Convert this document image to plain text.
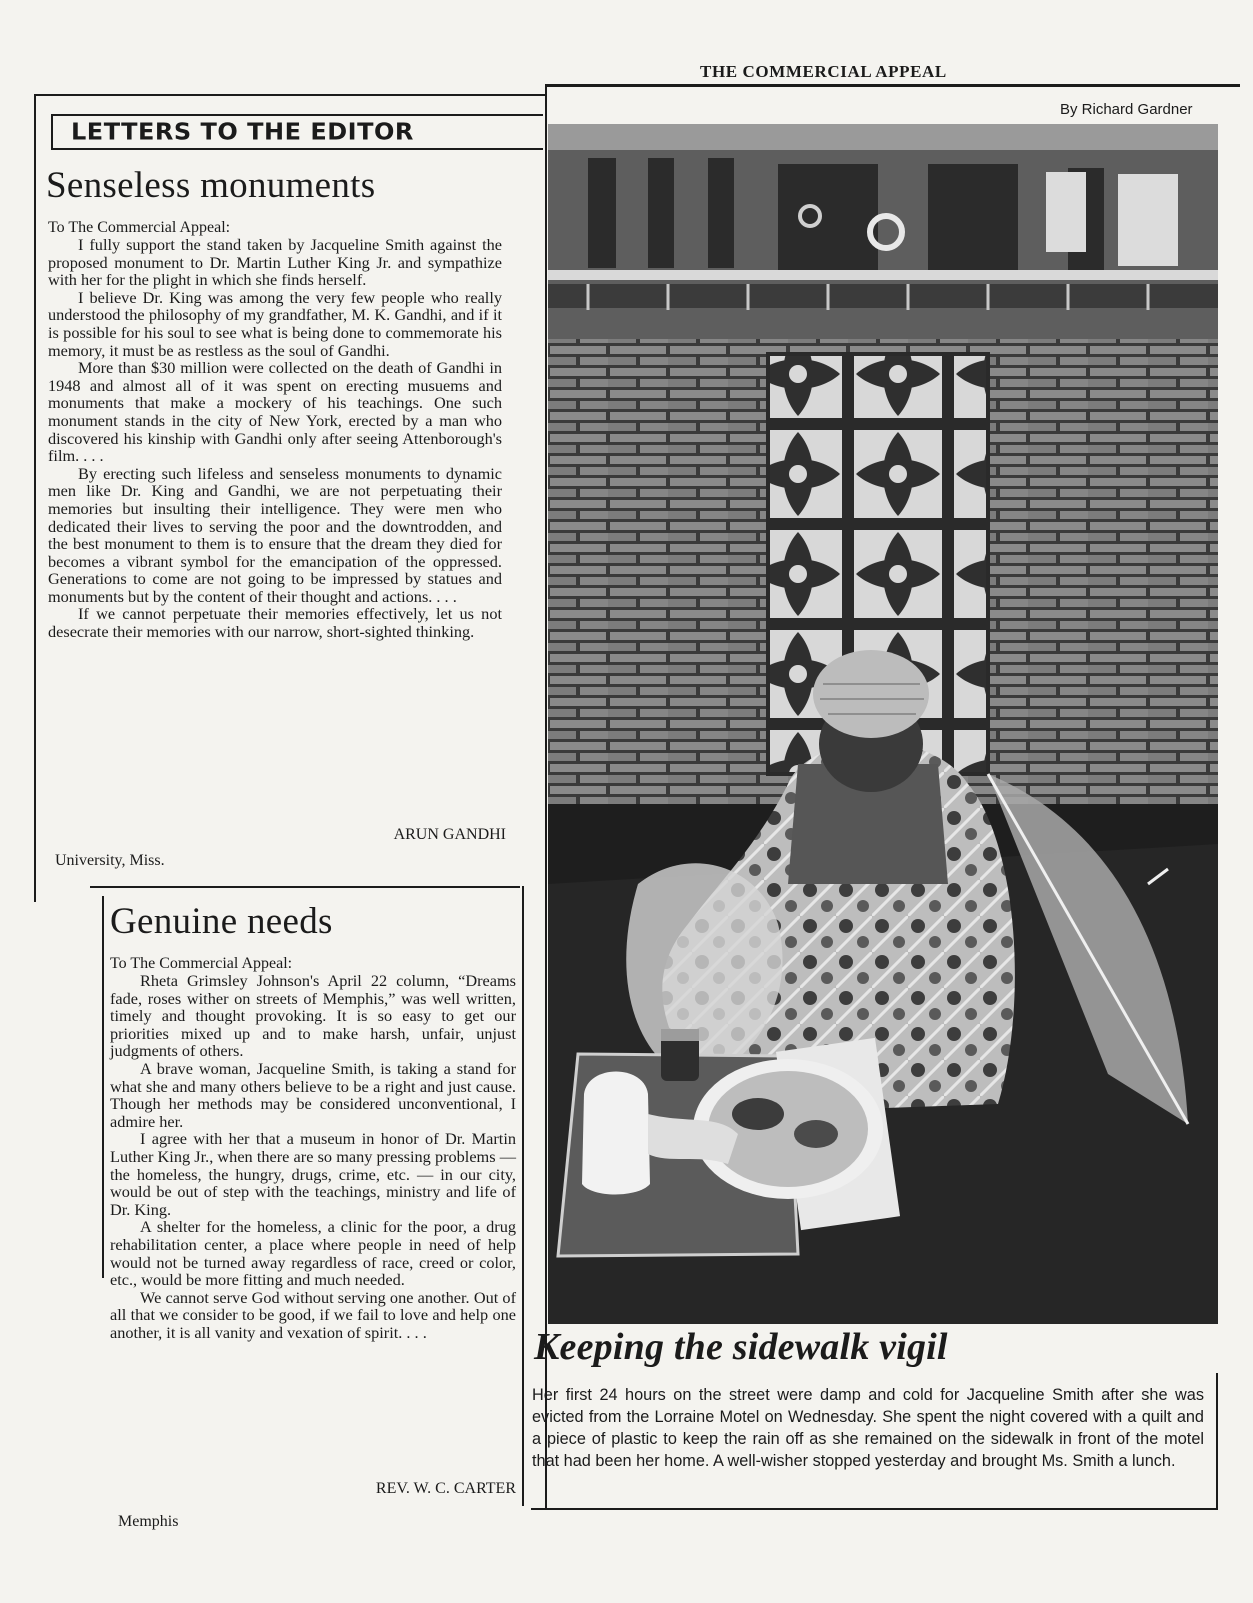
THE COMMERCIAL APPEAL
LETTERS TO THE EDITOR
Senseless monuments
To The Commercial Appeal:

I fully support the stand taken by Jacqueline Smith against the proposed monument to Dr. Martin Luther King Jr. and sympathize with her for the plight in which she finds herself.

I believe Dr. King was among the very few people who really understood the philosophy of my grandfather, M. K. Gandhi, and if it is possible for his soul to see what is being done to commemorate his memory, it must be as restless as the soul of Gandhi.

More than $30 million were collected on the death of Gandhi in 1948 and almost all of it was spent on erecting musuems and monuments that make a mockery of his teachings. One such monument stands in the city of New York, erected by a man who discovered his kinship with Gandhi only after seeing Attenborough's film. . . .

By erecting such lifeless and senseless monuments to dynamic men like Dr. King and Gandhi, we are not perpetuating their memories but insulting their intelligence. They were men who dedicated their lives to serving the poor and the downtrodden, and the best monument to them is to ensure that the dream they died for becomes a vibrant symbol for the emancipation of the oppressed. Generations to come are not going to be impressed by statues and monuments but by the content of their thought and actions. . . .

If we cannot perpetuate their memories effectively, let us not desecrate their memories with our narrow, short-sighted thinking.

ARUN GANDHI
University, Miss.
Genuine needs
To The Commercial Appeal:

Rheta Grimsley Johnson's April 22 column, “Dreams fade, roses wither on streets of Memphis,” was well written, timely and thought provoking. It is so easy to get our priorities mixed up and to make harsh, unfair, unjust judgments of others.

A brave woman, Jacqueline Smith, is taking a stand for what she and many others believe to be a right and just cause. Though her methods may be considered unconventional, I admire her.

I agree with her that a museum in honor of Dr. Martin Luther King Jr., when there are so many pressing problems — the homeless, the hungry, drugs, crime, etc. — in our city, would be out of step with the teachings, ministry and life of Dr. King.

A shelter for the homeless, a clinic for the poor, a drug rehabilitation center, a place where people in need of help would not be turned away regardless of race, creed or color, etc., would be more fitting and much needed.

We cannot serve God without serving one another. Out of all that we consider to be good, if we fail to love and help one another, it is all vanity and vexation of spirit. . . .

REV. W. C. CARTER
Memphis
By Richard Gardner
Keeping the sidewalk vigil
Her first 24 hours on the street were damp and cold for Jacqueline Smith after she was evicted from the Lorraine Motel on Wednesday. She spent the night covered with a quilt and a piece of plastic to keep the rain off as she remained on the sidewalk in front of the motel that had been her home. A well-wisher stopped yesterday and brought Ms. Smith a lunch.
